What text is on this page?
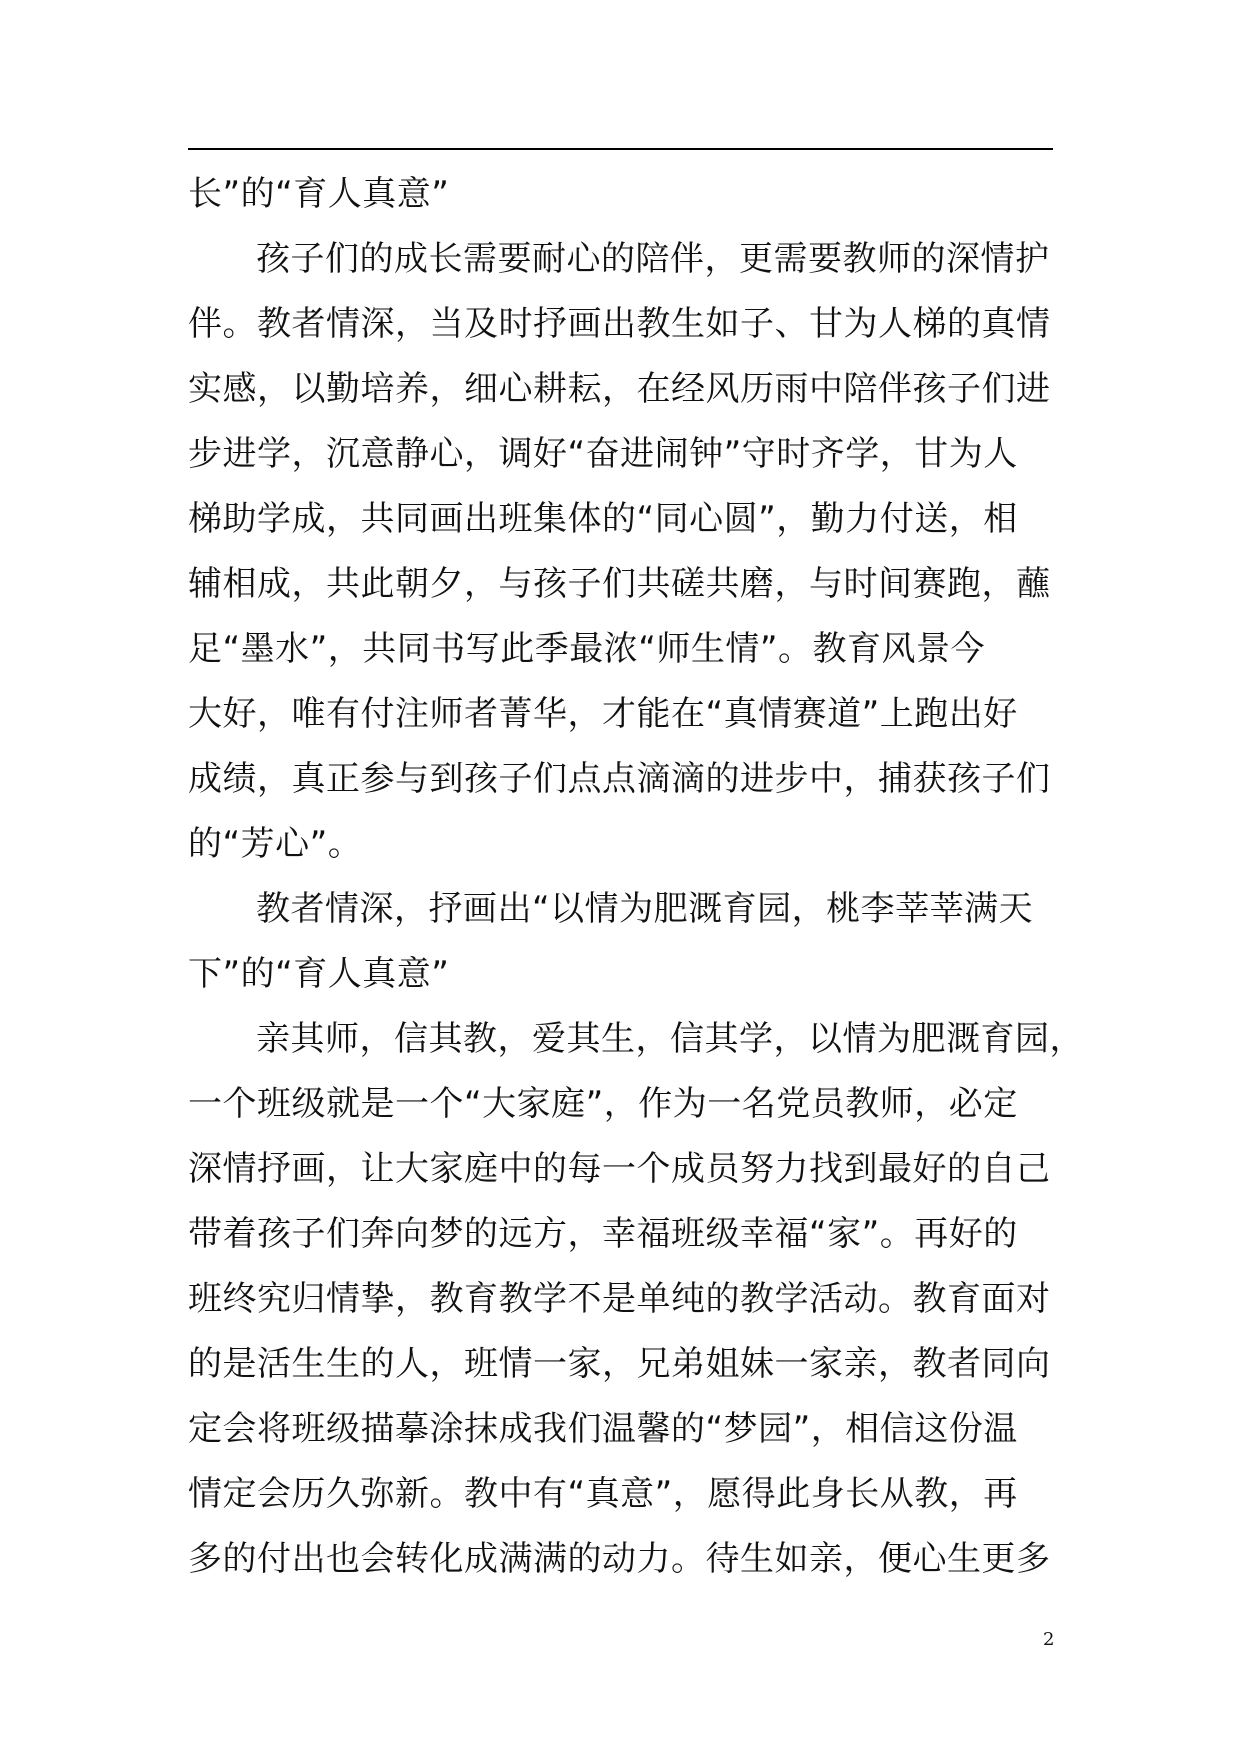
长”的“育人真意”
孩子们的成长需要耐心的陪伴，更需要教师的深情护
伴。教者情深，当及时抒画出教生如子、甘为人梯的真情
实感，以勤培养，细心耕耘，在经风历雨中陪伴孩子们进
步进学，沉意静心，调好“奋进闹钟”守时齐学，甘为人
梯助学成，共同画出班集体的“同心圆”，勤力付送，相
辅相成，共此朝夕，与孩子们共磋共磨，与时间赛跑，蘸
足“墨水”，共同书写此季最浓“师生情”。教育风景今
大好，唯有付注师者菁华，才能在“真情赛道”上跑出好
成绩，真正参与到孩子们点点滴滴的进步中，捕获孩子们
的“芳心”。
教者情深，抒画出“以情为肥溉育园，桃李莘莘满天
下”的“育人真意”
亲其师，信其教，爱其生，信其学，以情为肥溉育园，
一个班级就是一个“大家庭”，作为一名党员教师，必定
深情抒画，让大家庭中的每一个成员努力找到最好的自己
带着孩子们奔向梦的远方，幸福班级幸福“家”。再好的
班终究归情挚，教育教学不是单纯的教学活动。教育面对
的是活生生的人，班情一家，兄弟姐妹一家亲，教者同向
定会将班级描摹涂抹成我们温馨的“梦园”，相信这份温
情定会历久弥新。教中有“真意”，愿得此身长从教，再
多的付出也会转化成满满的动力。待生如亲，便心生更多
2
